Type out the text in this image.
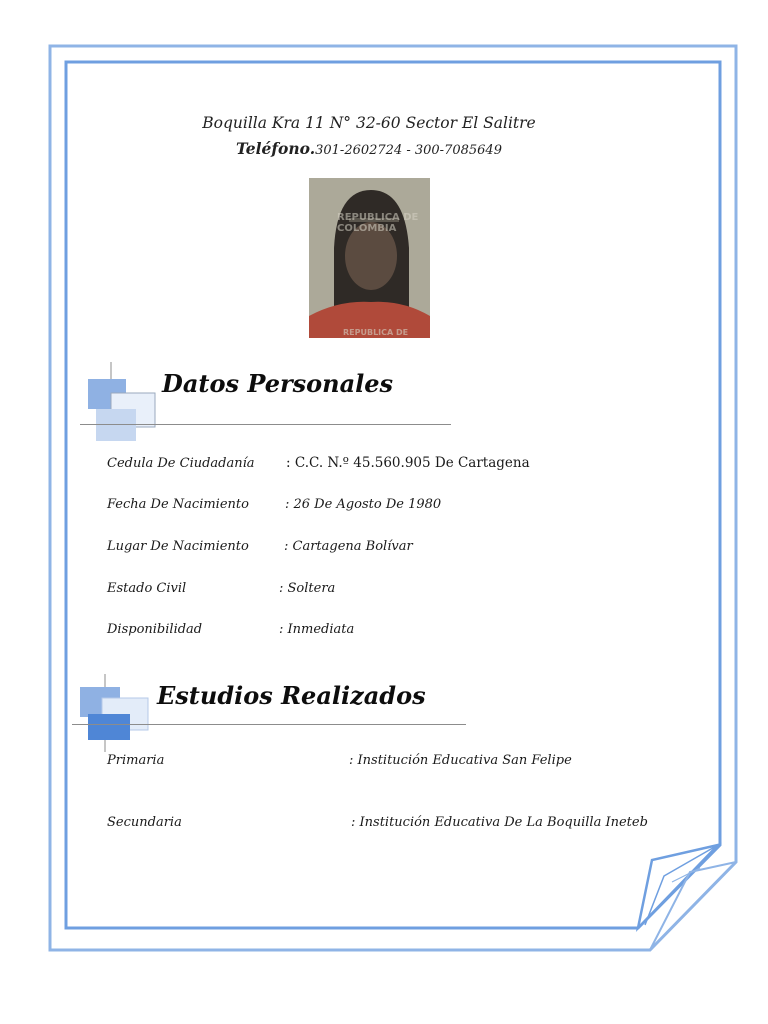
Boquilla Kra 11 N° 32-60 Sector El Salitre
Teléfono.301-2602724 - 300-7085649
REPUBLICA DE COLOMBIA
REPUBLICA DE
Datos Personales
Cedula De Ciudadanía : C.C. N.º 45.560.905 De Cartagena
Fecha De Nacimiento	: 26 De Agosto De 1980
Lugar De Nacimiento	: Cartagena Bolívar
Estado Civil	: Soltera
Disponibilidad	: Inmediata
Estudios Realizados
Primaria	: Institución Educativa San Felipe
Secundaria	: Institución Educativa De La Boquilla Ineteb
